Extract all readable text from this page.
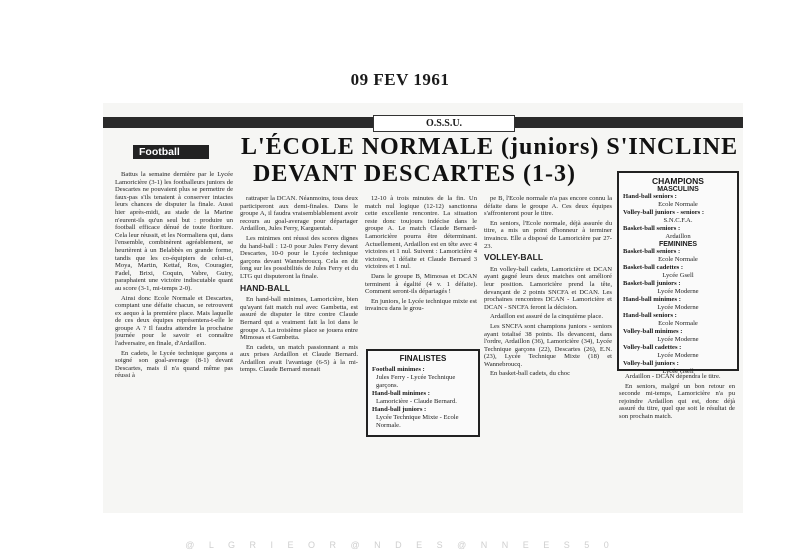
09 FEV 1961
O.S.S.U.
Football	L'ÉCOLE NORMALE (juniors) S'INCLINE
DEVANT DESCARTES (1-3)

Battus la semaine dernière par le Lycée Lamoricière (3-1) les footballeurs juniors de Descartes ne pouvaient plus se permettre de faux-pas s'ils tenaient à conserver intactes leurs chances de disputer la finale. Aussi hier après-midi, au stade de la Marine n'eurent-ils qu'un seul but : produire un football efficace dénué de toute fioriture. Cela leur réussit, et les Normaliens qui, dans l'ensemble, combinèrent agréablement, se heurtèrent à un Belabbès en grande forme, tandis que les co-équipiers de celui-ci, Moya, Martin, Kettaf, Ros, Couragier, Fadel, Brixi, Coquin, Vabre, Guiry, paraphaient une victoire indiscutable quant au score (3-1, mi-temps 2-0).

Ainsi donc Ecole Normale et Descartes, comptant une défaite chacun, se retrouvent ex aequo à la première place. Mais laquelle de ces deux équipes représentera-t-elle le groupe A ? Il faudra attendre la prochaine journée pour le savoir et connaître l'adversaire, en finale, d'Ardaillon.

En cadets, le Lycée technique garçons a soigné son goal-average (8-1) devant Descartes, mais il n'a quand même pas réussi à

rattraper la DCAN. Néanmoins, tous deux participeront aux demi-finales. Dans le groupe A, il faudra vraisemblablement avoir recours au goal-average pour départager Ardaillon, Jules Ferry, Karguentah.

Les minimes ont réussi des scores dignes du hand-ball : 12-0 pour Jules Ferry devant Descartes, 10-0 pour le Lycée technique garçons devant Wannebroucq. Cela en dit long sur les possibilités de Jules Ferry et du LTG qui disputeront la finale.

HAND-BALL

En hand-ball minimes, Lamoricière, bien qu'ayant fait match nul avec Gambetta, est assuré de disputer le titre contre Claude Bernard qui a vraiment fait la loi dans le groupe A. La troisième place se jouera entre Mimosas et Gambetta.

En cadets, un match passionnant a mis aux prises Ardaillon et Claude Bernard. Ardaillon avait l'avantage (6-5) à la mi-temps. Claude Bernard menait

12-10 à trois minutes de la fin. Un match nul logique (12-12) sanctionna cette excellente rencontre. La situation reste donc toujours indécise dans le groupe A. Le match Claude Bernard-Lamoricière pourra être déterminant. Actuellement, Ardaillon est en tête avec 4 victoires et 1 nul. Suivent : Lamoricière 4 victoires, 1 défaite et Claude Bernard 3 victoires et 1 nul.

Dans le groupe B, Mimosas et DCAN terminent à égalité (4 v. 1 défaite). Comment seront-ils départagés !

En juniors, le Lycée technique mixte est invaincu dans le grou-

FINALISTES
Football minimes :
Jules Ferry - Lycée Technique garçons.
Hand-ball minimes :
Lamoricière - Claude Bernard.
Hand-ball juniors :
Lycée Technique Mixte - Ecole Normale.

pe B, l'Ecole normale n'a pas encore connu la défaite dans le groupe A. Ces deux équipes s'affronteront pour le titre.

En seniors, l'Ecole normale, déjà assurée du titre, a mis un point d'honneur à terminer invaincu. Elle a disposé de Lamoricière par 27-23.

VOLLEY-BALL

En volley-ball cadets, Lamoricière et DCAN ayant gagné leurs deux matches ont amélioré leur position. Lamoricière prend la tête, devançant de 2 points SNCFA et DCAN. Les prochaines rencontres DCAN - Lamoricière et DCAN - SNCFA feront la décision.

Ardaillon est assuré de la cinquième place.

Les SNCFA sont champions juniors - seniors ayant totalisé 38 points. Ils devancent, dans l'ordre, Ardaillon (36), Lamoricière (34), Lycée Technique garçons (22), Descartes (26), E.N. (23), Lycée Technique Mixte (18) et Wannebroucq.

En basket-ball cadets, du choc

CHAMPIONS
MASCULINS
Hand-ball seniors :
Ecole Normale
Volley-ball juniors - seniors :
S.N.C.F.A.
Basket-ball seniors :
Ardaillon
FEMININES
Basket-ball seniors :
Ecole Normale
Basket-ball cadettes :
Lycée Gsell
Basket-ball juniors :
Lycée Moderne
Hand-ball minimes :
Lycée Moderne
Hand-ball seniors :
Ecole Normale
Volley-ball minimes :
Lycée Moderne
Volley-ball cadettes :
Lycée Moderne
Volley-ball juniors :
Lycée Gsell

Ardaillon - DCAN dépendra le titre.

En seniors, malgré un bon retour en seconde mi-temps, Lamoricière n'a pu rejoindre Ardaillon qui est, donc déjà assuré du titre, quel que soit le résultat de son prochain match.

@ L G R I E O R @ N D E S @ N N E E S 5 0
